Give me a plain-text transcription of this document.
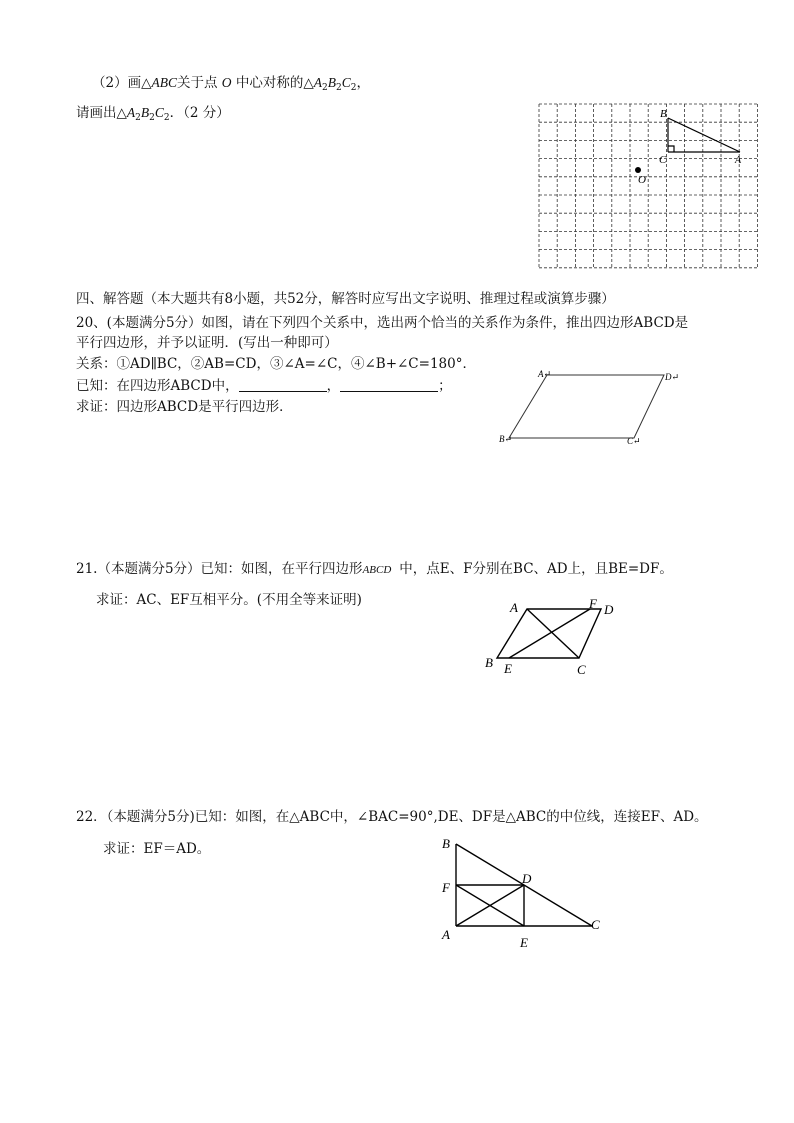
（2）画△ABC关于点 O 中心对称的$\triangle A_2B_2C_2$，
请画出$\triangle A_2B_2C_2$．（2 分）	B
C	A
O
四、解答题（本大题共有8小题，共52分，解答时应写出文字说明、推理过程或演算步骤）
20、(本题满分5分）如图，请在下列四个关系中，选出两个恰当的关系作为条件，推出四边形ABCD是
平行四边形，并予以证明．(写出一种即可）
关系：①AD∥BC，②AB=CD，③∠A=∠C，④∠B+∠C=180°．
已知：在四边形ABCD中，	，	；
求证：四边形ABCD是平行四边形．
A↵	D↵
B↵	C↵
21.（本题满分5分）已知：如图，在平行四边形ABCD 中，点E、F分别在BC、AD上，且BE=DF。
求证：AC、EF互相平分。(不用全等来证明)	A	F D
B E	C
22．（本题满分5分)已知：如图，在△ABC中，∠BAC=90°,DE、DF是△ABC的中位线，连接EF、AD。
求证：EF＝AD。	B
D
F
A
C
E
